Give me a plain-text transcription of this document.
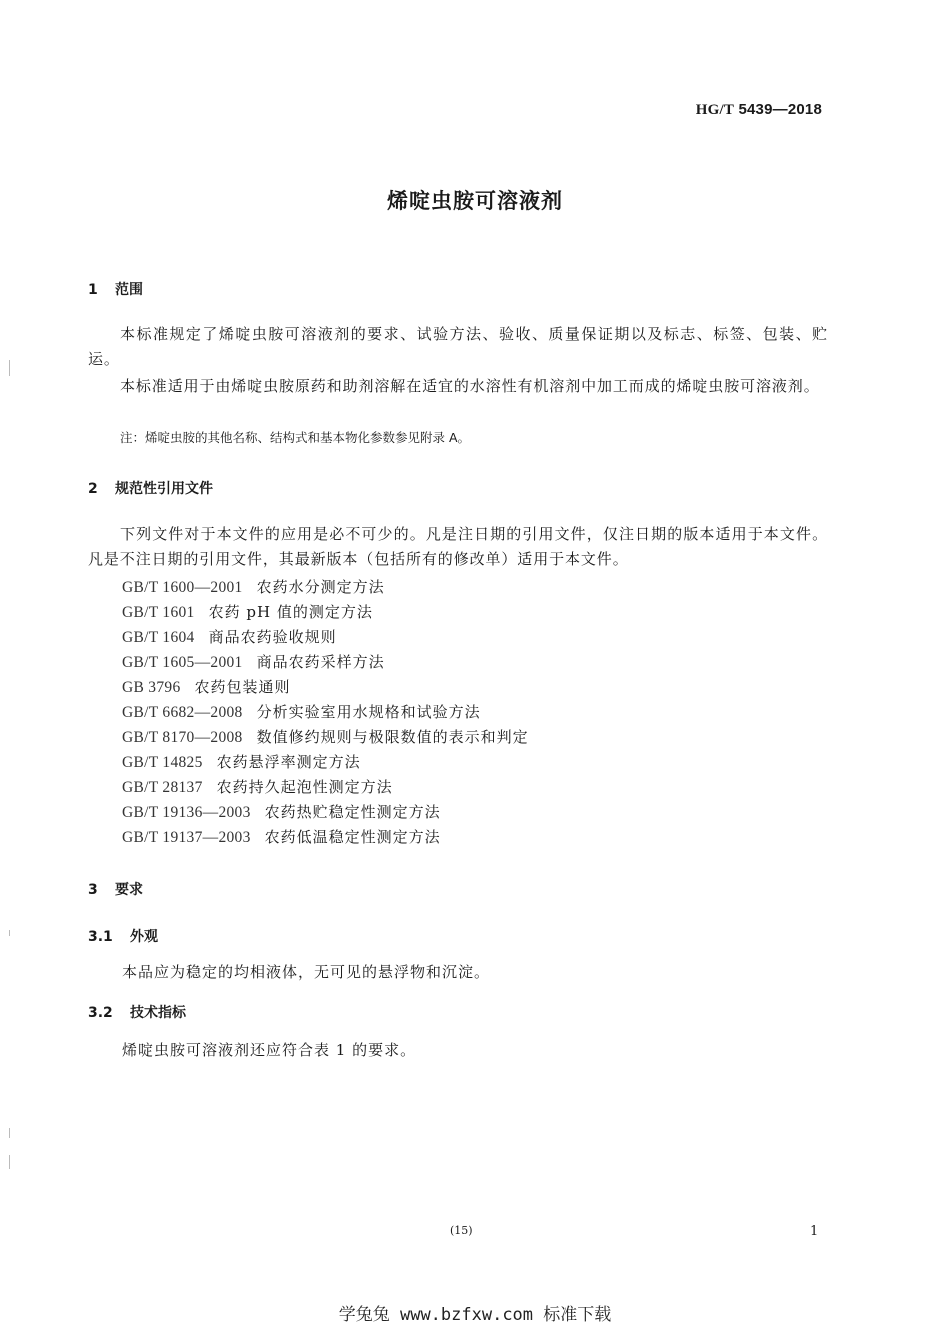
HG/T 5439—2018
烯啶虫胺可溶液剂
1 范围
本标准规定了烯啶虫胺可溶液剂的要求、试验方法、验收、质量保证期以及标志、标签、包装、贮运。
本标准适用于由烯啶虫胺原药和助剂溶解在适宜的水溶性有机溶剂中加工而成的烯啶虫胺可溶液剂。
注：烯啶虫胺的其他名称、结构式和基本物化参数参见附录 A。
2 规范性引用文件
下列文件对于本文件的应用是必不可少的。凡是注日期的引用文件，仅注日期的版本适用于本文件。凡是不注日期的引用文件，其最新版本（包括所有的修改单）适用于本文件。
GB/T 1600—2001 农药水分测定方法
GB/T 1601 农药 pH 值的测定方法
GB/T 1604 商品农药验收规则
GB/T 1605—2001 商品农药采样方法
GB 3796 农药包装通则
GB/T 6682—2008 分析实验室用水规格和试验方法
GB/T 8170—2008 数值修约规则与极限数值的表示和判定
GB/T 14825 农药悬浮率测定方法
GB/T 28137 农药持久起泡性测定方法
GB/T 19136—2003 农药热贮稳定性测定方法
GB/T 19137—2003 农药低温稳定性测定方法
3 要求
3.1 外观
本品应为稳定的均相液体，无可见的悬浮物和沉淀。
3.2 技术指标
烯啶虫胺可溶液剂还应符合表 1 的要求。
(15)	1
学兔兔 www.bzfxw.com 标准下载
